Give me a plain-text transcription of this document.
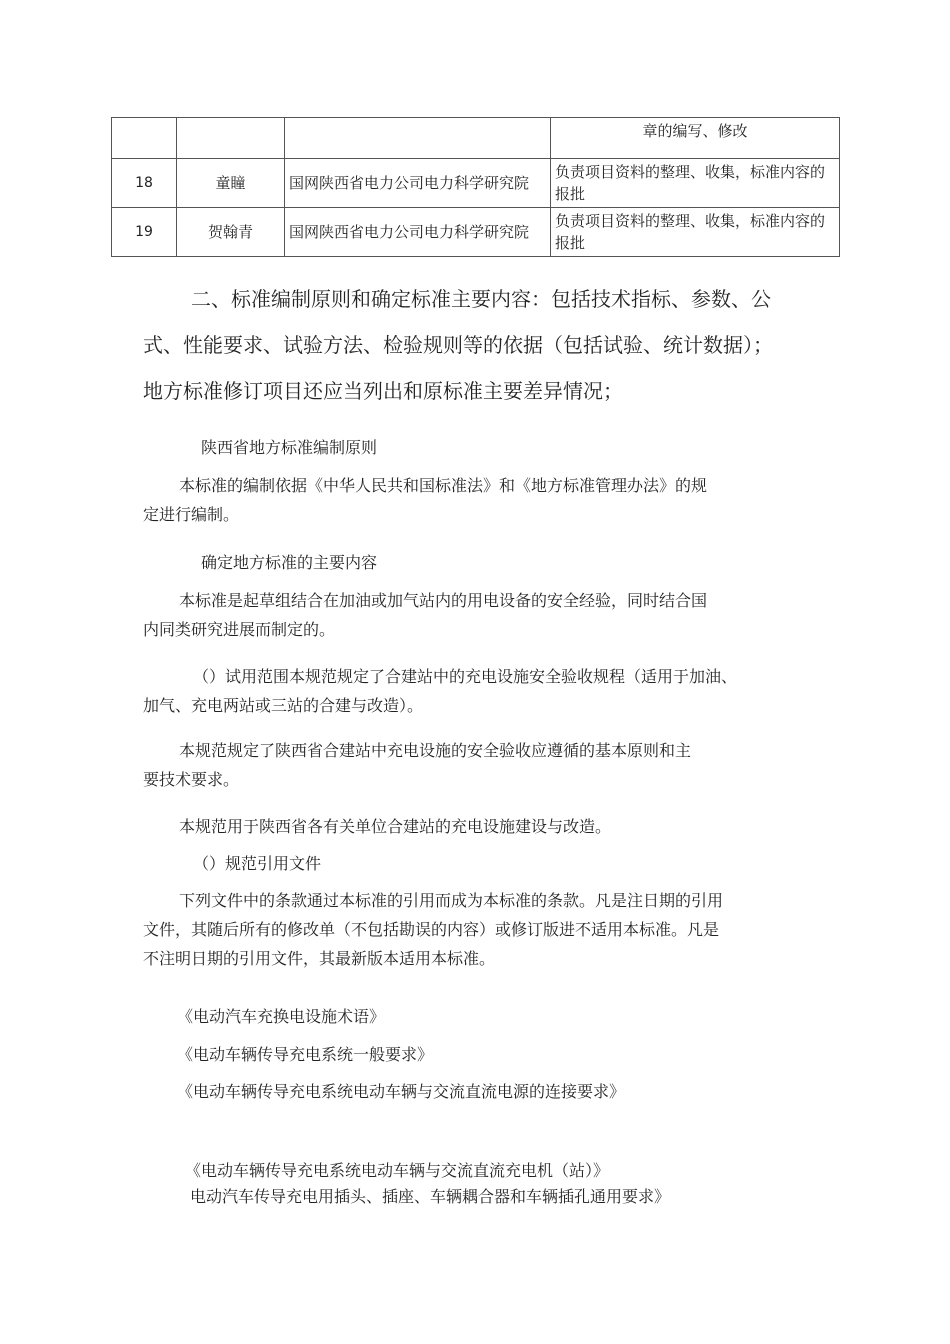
			章的编写、修改
18	童瞳	国网陕西省电力公司电力科学研究院	负责项目资料的整理、收集，标准内容的报批
19	贺翰青	国网陕西省电力公司电力科学研究院	负责项目资料的整理、收集，标准内容的报批
二、标准编制原则和确定标准主要内容：包括技术指标、参数、公
式、性能要求、试验方法、检验规则等的依据（包括试验、统计数据）；
地方标准修订项目还应当列出和原标准主要差异情况；

陕西省地方标准编制原则

本标准的编制依据《中华人民共和国标准法》和《地方标准管理办法》的规
定进行编制。

确定地方标准的主要内容

本标准是起草组结合在加油或加气站内的用电设备的安全经验，同时结合国
内同类研究进展而制定的。
（）试用范围本规范规定了合建站中的充电设施安全验收规程（适用于加油、
加气、充电两站或三站的合建与改造）。
本规范规定了陕西省合建站中充电设施的安全验收应遵循的基本原则和主
要技术要求。

本规范用于陕西省各有关单位合建站的充电设施建设与改造。

（）规范引用文件

下列文件中的条款通过本标准的引用而成为本标准的条款。凡是注日期的引用
文件，其随后所有的修改单（不包括勘误的内容）或修订版进不适用本标准。凡是
不注明日期的引用文件，其最新版本适用本标准。

《电动汽车充换电设施术语》

《电动车辆传导充电系统一般要求》

《电动车辆传导充电系统电动车辆与交流直流电源的连接要求》

《电动车辆传导充电系统电动车辆与交流直流充电机（站）》

电动汽车传导充电用插头、插座、车辆耦合器和车辆插孔通用要求》
